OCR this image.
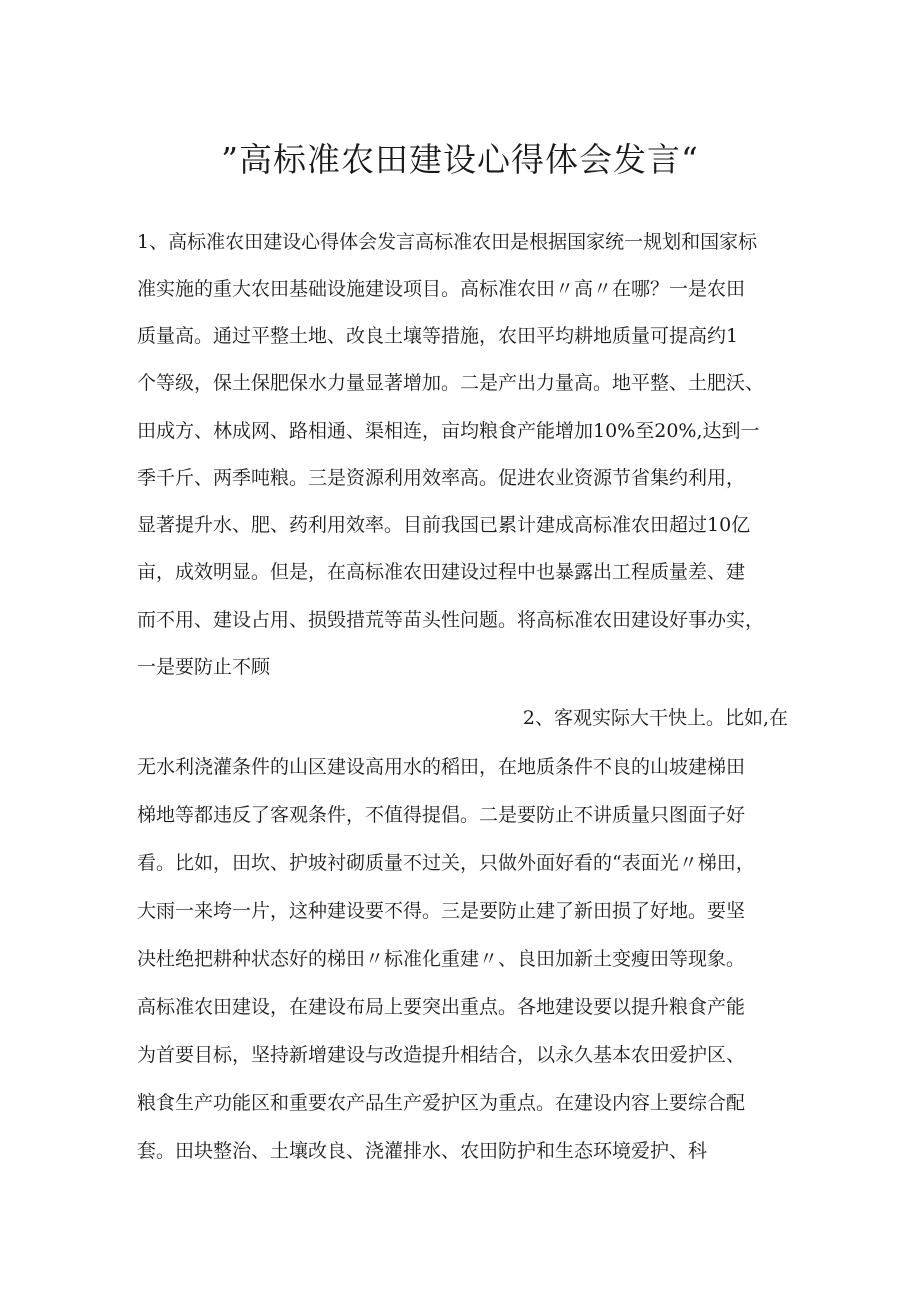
”高标准农田建设心得体会发言“
1、高标准农田建设心得体会发言高标准农田是根据国家统一规划和国家标
准实施的重大农田基础设施建设项目。高标准农田〃高〃在哪？一是农田
质量高。通过平整土地、改良土壤等措施，农田平均耕地质量可提高约1
个等级，保土保肥保水力量显著增加。二是产出力量高。地平整、土肥沃、
田成方、林成网、路相通、渠相连，亩均粮食产能增加10%至20%,达到一
季千斤、两季吨粮。三是资源利用效率高。促进农业资源节省集约利用，
显著提升水、肥、药利用效率。目前我国已累计建成高标准农田超过10亿
亩，成效明显。但是，在高标准农田建设过程中也暴露出工程质量差、建
而不用、建设占用、损毁措荒等苗头性问题。将高标准农田建设好事办实，
一是要防止不顾
2、客观实际大干快上。比如,在
无水利浇灌条件的山区建设高用水的稻田，在地质条件不良的山坡建梯田
梯地等都违反了客观条件，不值得提倡。二是要防止不讲质量只图面子好
看。比如，田坎、护坡衬砌质量不过关，只做外面好看的“表面光〃梯田，
大雨一来垮一片，这种建设要不得。三是要防止建了新田损了好地。要坚
决杜绝把耕种状态好的梯田〃标准化重建〃、良田加新土变瘦田等现象。
高标准农田建设，在建设布局上要突出重点。各地建设要以提升粮食产能
为首要目标，坚持新增建设与改造提升相结合，以永久基本农田爱护区、
粮食生产功能区和重要农产品生产爱护区为重点。在建设内容上要综合配
套。田块整治、土壤改良、浇灌排水、农田防护和生态环境爱护、科
